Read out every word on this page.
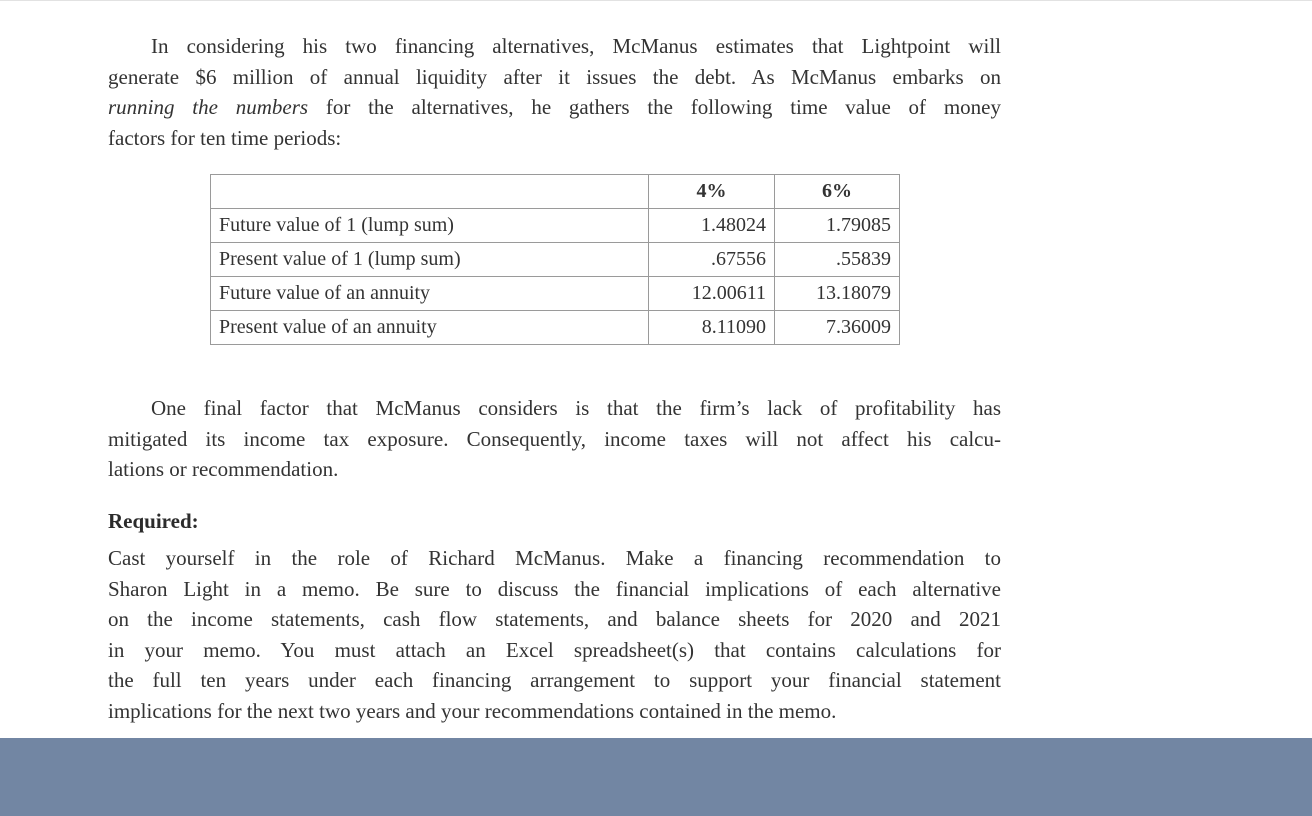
In considering his two financing alternatives, McManus estimates that Lightpoint will
generate $6 million of annual liquidity after it issues the debt. As McManus embarks on
running the numbers for the alternatives, he gathers the following time value of money
factors for ten time periods:

	4%	6%
Future value of 1 (lump sum)	1.48024	1.79085
Present value of 1 (lump sum)	.67556	.55839
Future value of an annuity	12.00611	13.18079
Present value of an annuity	8.11090	7.36009

One final factor that McManus considers is that the firm’s lack of profitability has
mitigated its income tax exposure. Consequently, income taxes will not affect his calcu-
lations or recommendation.

Required:

Cast yourself in the role of Richard McManus. Make a financing recommendation to
Sharon Light in a memo. Be sure to discuss the financial implications of each alternative
on the income statements, cash flow statements, and balance sheets for 2020 and 2021
in your memo. You must attach an Excel spreadsheet(s) that contains calculations for
the full ten years under each financing arrangement to support your financial statement
implications for the next two years and your recommendations contained in the memo.
